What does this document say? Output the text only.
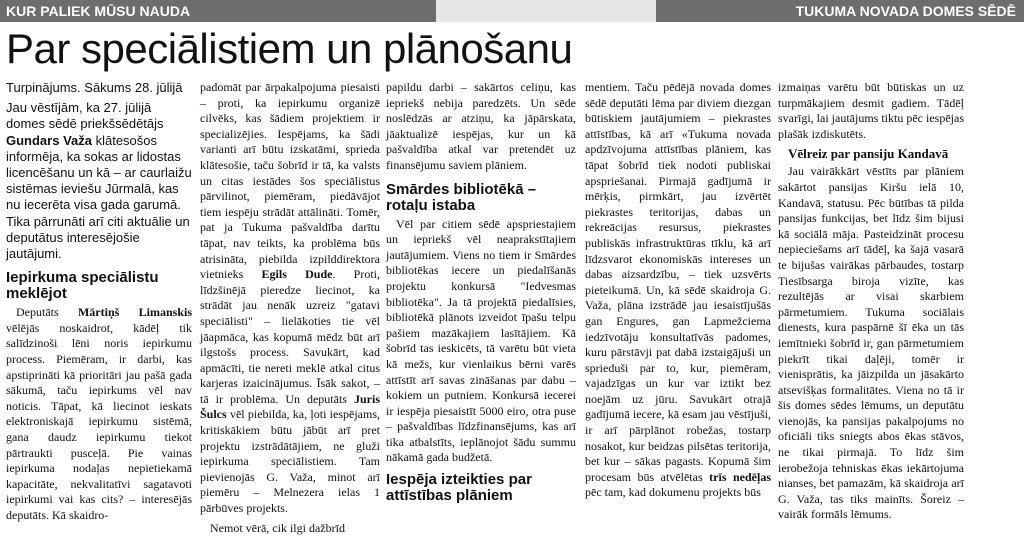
KUR PALIEK MŪSU NAUDA	TUKUMA NOVADA DOMES SĒDĒ
Par speciālistiem un plānošanu
Turpinājums. Sākums 28. jūlijā
Jau vēstījām, ka 27. jūlijā domes sēdē priekšsēdētājs Gundars Važa klātesošos informēja, ka sokas ar lidostas licencēšanu un kā – ar caurlaižu sistēmas ieviešu Jūrmalā, kas nu iecerēta visa gada garumā. Tika pārrunāti arī citi aktuālie un deputātus interesējošie jautājumi.
Iepirkuma speciālistu meklējot

Deputāts Mārtiņš Limanskis vēlējās noskaidrot, kādēļ tik salīdzinoši lēni noris iepirkumu process. Piemēram, ir darbi, kas apstiprināti kā prioritāri jau pašā gada sākumā, taču iepirkums vēl nav noticis. Tāpat, kā liecinot ieskats elektroniskajā iepirkumu sistēmā, gana daudz iepirkumu tiekot pārtraukti pusceļā. Pie vainas iepirkuma nodaļas nepietiekamā kapacitāte, nekvalitatīvi sagatavoti iepirkumi vai kas cits? – interesējās deputāts. Kā skaidro-

padomāt par ārpakalpojuma piesaisti – proti, ka iepirkumu organizē cilvēks, kas šādiem projektiem ir specializējies. Iespējams, ka šādi varianti arī būtu izskatāmi, sprieda klātesošie, taču šobrīd ir tā, ka valsts un citas iestādes šos speciālistus pārvilinot, piemēram, piedāvājot tiem iespēju strādāt attālināti. Tomēr, pat ja Tukuma pašvaldība darītu tāpat, nav teikts, ka problēma būs atrisināta, piebilda izpilddirektora vietnieks Egils Dude. Proti, līdzšinējā pieredze liecinot, ka strādāt jau nenāk uzreiz "gatavi speciālisti" – lielākoties tie vēl jāapmāca, kas kopumā mēdz būt arī ilgstošs process. Savukārt, kad apmācīti, tie nereti meklē atkal citus karjeras izaicinājumus. Īsāk sakot, – tā ir problēma. Un deputāts Juris Šulcs vēl piebilda, ka, ļoti iespējams, kritiskākiem būtu jābūt arī pret projektu izstrādātājiem, ne gluži iepirkuma speciālistiem. Tam pievienojās G. Važa, minot arī piemēru – Melnezera ielas 1 pārbūves projekts.

Nemot vērā, cik ilgi dažbrīd

papildu darbi – sakārtos celiņu, kas iepriekš nebija paredzēts. Un sēde noslēdzās ar atziņu, ka jāpārskata, jāaktualizē iespējas, kur un kā pašvaldība atkal var pretendēt uz finansējumu saviem plāniem.

Smārdes bibliotēkā – rotaļu istaba

Vēl par citiem sēdē apspriestajiem un iepriekš vēl neaprakstītajiem jautājumiem. Viens no tiem ir Smārdes bibliotēkas iecere un piedalīšanās projektu konkursā "Iedvesmas bibliotēka". Ja tā projektā piedalīsies, bibliotēkā plānots izveidot īpašu telpu pašiem mazākajiem lasītājiem. Kā šobrīd tas ieskicēts, tā varētu būt vieta kā mežs, kur vienlaikus bērni varēs attīstīt arī savas zināšanas par dabu – kokiem un putniem. Konkursā iecerei ir iespēja piesaistīt 5000 eiro, otra puse – pašvaldības līdzfinansējums, kas arī tika atbalstīts, ieplānojot šādu summu nākamā gada budžetā.

Iespēja izteikties par attīstības plāniem

mentiem. Taču pēdējā novada domes sēdē deputāti lēma par diviem diezgan būtiskiem jautājumiem – piekrastes attīstības, kā arī «Tukuma novada apdzīvojuma attīstības plāniem, kas tāpat šobrīd tiek nodoti publiskai apspriešanai. Pirmajā gadījumā ir mērķis, pirmkārt, jau izvērtēt piekrastes teritorijas, dabas un rekreācijas resursus, piekrastes publiskās infrastruktūras tīklu, kā arī līdzsvarot ekonomiskās intereses un dabas aizsardzību, – tiek uzsvērts pieteikumā. Un, kā sēdē skaidroja G. Važa, plāna izstrādē jau iesaistījušās gan Engures, gan Lapmežciema iedzīvotāju konsultatīvās padomes, kuru pārstāvji pat dabā izstaigājuši un sprieduši par to, kur, piemēram, vajadzīgas un kur var iztikt bez noejām uz jūru. Savukārt otrajā gadījumā iecere, kā esam jau vēstījuši, ir arī pārplānot robežas, tostarp nosakot, kur beidzas pilsētas teritorija, bet kur – sākas pagasts. Kopumā šim procesam būs atvēlētas trīs nedēļas pēc tam, kad dokumenu projekts būs

izmaiņas varētu būt būtiskas un uz turpmākajiem desmit gadiem. Tādēļ svarīgi, lai jautājums tiktu pēc iespējas plašāk izdiskutēts.

Vēlreiz par pansiju Kandavā

Jau vairākkārt vēstīts par plāniem sakārtot pansijas Kiršu ielā 10, Kandavā, statusu. Pēc būtības tā pilda pansijas funkcijas, bet līdz šim bijusi kā sociālā māja. Pasteidzināt procesu nepieciešams arī tādēļ, ka šajā vasarā te bijušas vairākas pārbaudes, tostarp Tiesībsarga biroja vizīte, kas rezultējās ar visai skarbiem pārmetumiem. Tukuma sociālais dienests, kura paspārnē šī ēka un tās iemītnieki šobrīd ir, gan pārmetumiem piekrīt tikai daļēji, tomēr ir vienisprātis, ka jāizpilda un jāsakārto atsevišķas formalitātes. Viena no tā ir šis domes sēdes lēmums, un deputātu vienojās, ka pansijas pakalpojums no oficiāli tiks sniegts abos ēkas stāvos, ne tikai pirmajā. To līdz šim ierobežoja tehniskas ēkas iekārtojuma nianses, bet pamazām, kā skaidroja arī G. Važa, tas tiks mainīts. Šoreiz – vairāk formāls lēmums.
